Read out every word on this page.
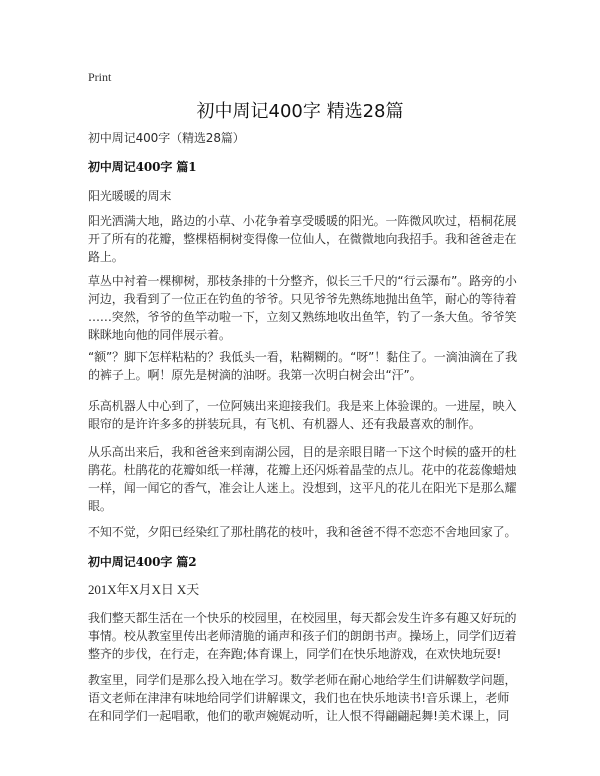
Print
初中周记400字 精选28篇
初中周记400字（精选28篇）
初中周记400字 篇1
阳光暖暖的周末
阳光洒满大地，路边的小草、小花争着享受暖暖的阳光。一阵微风吹过，梧桐花展
开了所有的花瓣，整棵梧桐树变得像一位仙人，在微微地向我招手。我和爸爸走在
路上。
草丛中衬着一棵柳树，那枝条排的十分整齐，似长三千尺的“行云瀑布”。路旁的小
河边，我看到了一位正在钓鱼的爷爷。只见爷爷先熟练地抛出鱼竿，耐心的等待着
……突然，爷爷的鱼竿动啦一下，立刻又熟练地收出鱼竿，钓了一条大鱼。爷爷笑
眯眯地向他的同伴展示着。
“额”？脚下怎样粘粘的？我低头一看，粘糊糊的。“呀”！黏住了。一滴油滴在了我
的裤子上。啊！原先是树滴的油呀。我第一次明白树会出“汗”。
乐高机器人中心到了，一位阿姨出来迎接我们。我是来上体验课的。一进屋，映入
眼帘的是许许多多的拼装玩具，有飞机、有机器人、还有我最喜欢的制作。
从乐高出来后，我和爸爸来到南湖公园，目的是亲眼目睹一下这个时候的盛开的杜
鹃花。杜鹃花的花瓣如纸一样薄，花瓣上还闪烁着晶莹的点儿。花中的花蕊像蜡烛
一样，闻一闻它的香气，准会让人迷上。没想到，这平凡的花儿在阳光下是那么耀
眼。
不知不觉，夕阳已经染红了那杜鹃花的枝叶，我和爸爸不得不恋恋不舍地回家了。
初中周记400字 篇2
201X年X月X日 X天
我们整天都生活在一个快乐的校园里，在校园里，每天都会发生许多有趣又好玩的
事情。校从教室里传出老师清脆的诵声和孩子们的朗朗书声。操场上，同学们迈着
整齐的步伐，在行走，在奔跑;体育课上，同学们在快乐地游戏，在欢快地玩耍!
教室里，同学们是那么投入地在学习。数学老师在耐心地给学生们讲解数学问题，
语文老师在津津有味地给同学们讲解课文，我们也在快乐地读书!音乐课上，老师
在和同学们一起唱歌，他们的歌声婉娓动听，让人恨不得翩翩起舞!美术课上，同
